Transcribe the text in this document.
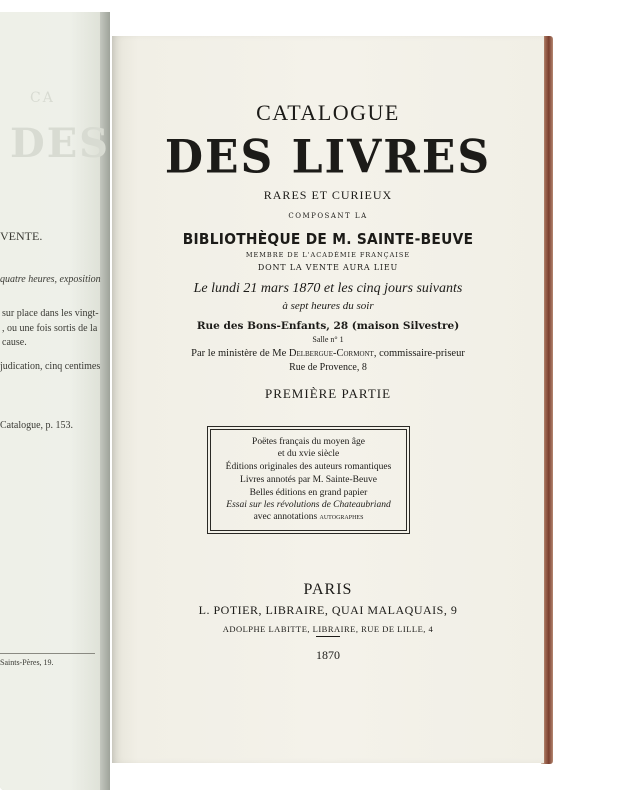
CA
DES
VENTE.
quatre heures, exposition
sur place dans les vingt-
, ou une fois sortis de la
cause.
judication, cinq centimes
Catalogue, p. 153.
Saints-Pères, 19.
CATALOGUE
DES LIVRES
RARES ET CURIEUX
COMPOSANT LA
BIBLIOTHÈQUE DE M. SAINTE-BEUVE
MEMBRE DE L'ACADÉMIE FRANÇAISE
DONT LA VENTE AURA LIEU
Le lundi 21 mars 1870 et les cinq jours suivants
à sept heures du soir
Rue des Bons-Enfants, 28 (maison Silvestre)
Salle n° 1
Par le ministère de Me Delbergue-Cormont, commissaire-priseur
Rue de Provence, 8
PREMIÈRE PARTIE
Poëtes français du moyen âge
et du xvie siècle
Éditions originales des auteurs romantiques
Livres annotés par M. Sainte-Beuve
Belles éditions en grand papier
Essai sur les révolutions de Chateaubriand
avec annotations autographes
PARIS
L. POTIER, LIBRAIRE, QUAI MALAQUAIS, 9
ADOLPHE LABITTE, LIBRAIRE, RUE DE LILLE, 4
1870
